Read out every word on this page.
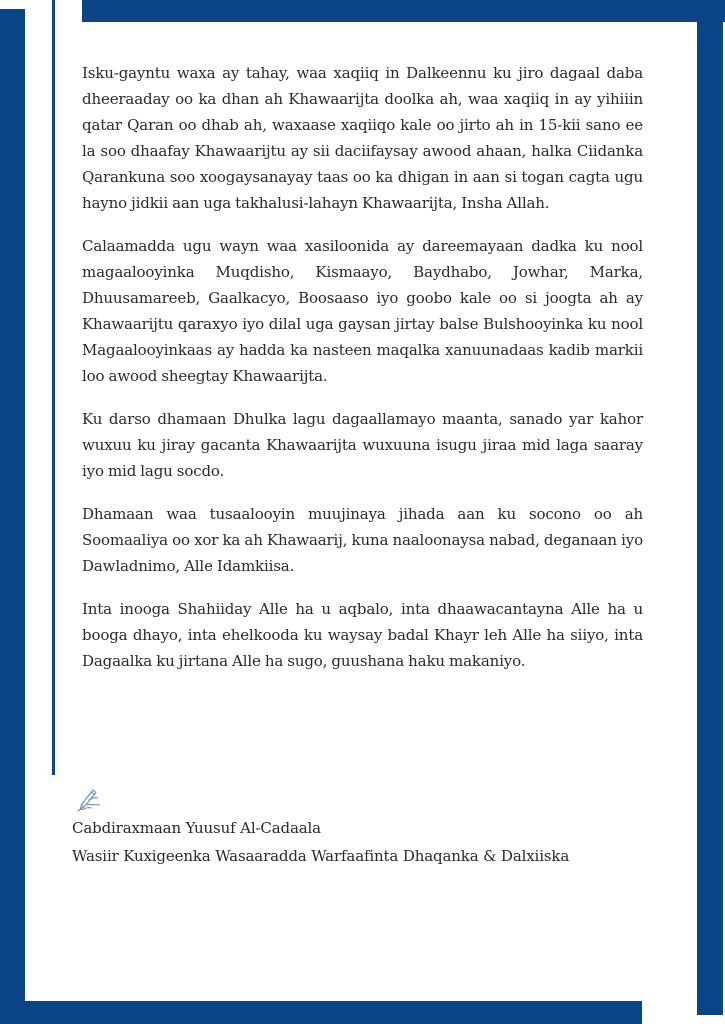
Isku-gayntu waxa ay tahay, waa xaqiiq in Dalkeennu ku jiro dagaal daba dheeraaday oo ka dhan ah Khawaarijta doolka ah, waa xaqiiq in ay yihiiin qatar Qaran oo dhab ah, waxaase xaqiiqo kale oo jirto ah in 15-kii sano ee la soo dhaafay Khawaarijtu ay sii daciifaysay awood ahaan, halka Ciidanka Qarankuna soo xoogaysanayay taas oo ka dhigan in aan si togan cagta ugu hayno jidkii aan uga takhalusi-lahayn Khawaarijta, Insha Allah.

Calaamadda ugu wayn waa xasiloonida ay dareemayaan dadka ku nool magaalooyinka Muqdisho, Kismaayo, Baydhabo, Jowhar, Marka, Dhuusamareeb, Gaalkacyo, Boosaaso iyo goobo kale oo si joogta ah ay Khawaarijtu qaraxyo iyo dilal uga gaysan jirtay balse Bulshooyinka ku nool Magaalooyinkaas ay hadda ka nasteen maqalka xanuunadaas kadib markii loo awood sheegtay Khawaarijta.

Ku darso dhamaan Dhulka lagu dagaallamayo maanta, sanado yar kahor wuxuu ku jiray gacanta Khawaarijta wuxuuna isugu jiraa mid laga saaray iyo mid lagu socdo.

Dhamaan waa tusaalooyin muujinaya jihada aan ku socono oo ah Soomaaliya oo xor ka ah Khawaarij, kuna naaloonaysa nabad, deganaan iyo Dawladnimo, Alle Idamkiisa.

Inta inooga Shahiiday Alle ha u aqbalo, inta dhaawacantayna Alle ha u booga dhayo, inta ehelkooda ku waysay badal Khayr leh Alle ha siiyo, inta Dagaalka ku jirtana Alle ha sugo, guushana haku makaniyo.

Cabdiraxmaan Yuusuf Al-Cadaala
Wasiir Kuxigeenka Wasaaradda Warfaafinta Dhaqanka & Dalxiiska
